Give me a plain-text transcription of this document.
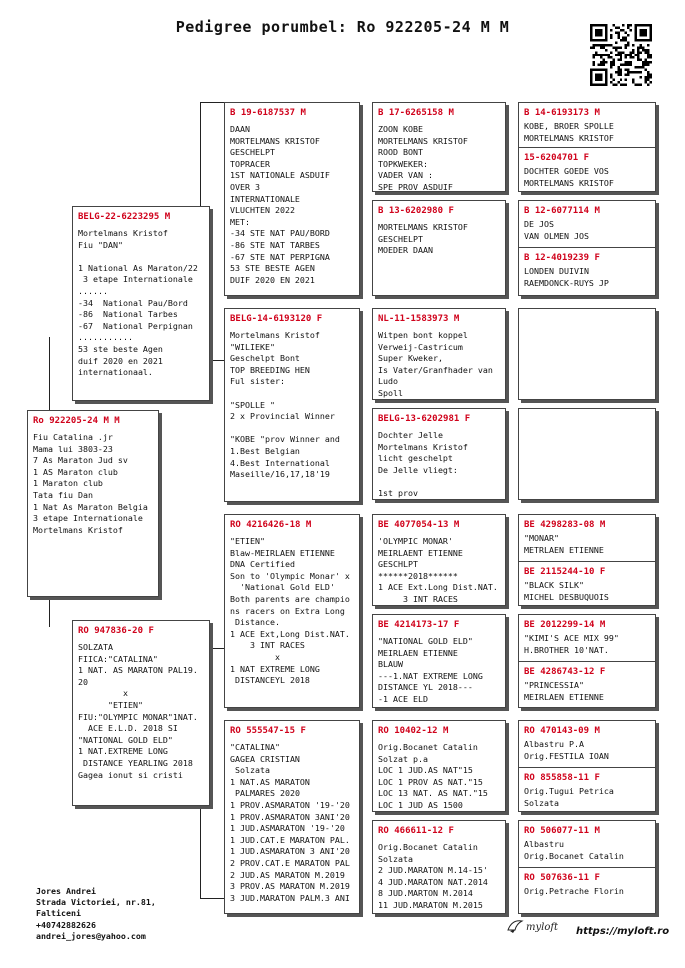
Pedigree porumbel: Ro 922205-24 M M
Ro 922205-24 M M
Fiu Catalina .jr
Mama lui 3803-23
7 As Maraton Jud sv
1 AS Maraton club
1 Maraton club
Tata fiu Dan
1 Nat As Maraton Belgia
3 etape Internationale
Mortelmans Kristof
BELG-22-6223295 M
Mortelmans Kristof
Fiu "DAN"

1 National As Maraton/22
3 etape Internationale
......
-34  National Pau/Bord
-86  National Tarbes
-67  National Perpignan
...........
53 ste beste Agen
duif 2020 en 2021
internationaal.
RO 947836-20 F
SOLZATA
FIICA:"CATALINA"
1 NAT. AS MARATON PAL19.
20
x
"ETIEN"
FIU:"OLYMPIC MONAR"1NAT.
ACE E.L.D. 2018 SI
"NATIONAL GOLD ELD"
1 NAT.EXTREME LONG
DISTANCE YEARLING 2018
Gagea ionut si cristi
B 19-6187537 M
DAAN
MORTELMANS KRISTOF
GESCHELPT
TOPRACER
1ST NATIONALE ASDUIF
OVER 3
INTERNATIONALE
VLUCHTEN 2022
MET:
-34 STE NAT PAU/BORD
-86 STE NAT TARBES
-67 STE NAT PERPIGNA
53 STE BESTE AGEN
DUIF 2020 EN 2021
BELG-14-6193120 F
Mortelmans Kristof
"WILIEKE"
Geschelpt Bont
TOP BREEDING HEN
Ful sister:

"SPOLLE "
2 x Provincial Winner

"KOBE "prov Winner and
1.Best Belgian
4.Best International
Maseille/16,17,18'19
RO 4216426-18 M
"ETIEN"
Blaw-MEIRLAEN ETIENNE
DNA Certified
Son to 'Olympic Monar' x
'National Gold ELD'
Both parents are champio
ns racers on Extra Long
Distance.
1 ACE Ext,Long Dist.NAT.
3 INT RACES
x
1 NAT EXTREME LONG
DISTANCEYL 2018
RO 555547-15 F
"CATALINA"
GAGEA CRISTIAN
Solzata
1 NAT.AS MARATON
PALMARES 2020
1 PROV.ASMARATON '19-'20
1 PROV.ASMARATON 3ANI'20
1 JUD.ASMARATON '19-'20
1 JUD.CAT.E MARATON PAL.
1 JUD.ASMARATON 3 ANI'20
2 PROV.CAT.E MARATON PAL
2 JUD.AS MARATON M.2019
3 PROV.AS MARATON M.2019
3 JUD.MARATON PALM.3 ANI
B 17-6265158 M
ZOON KOBE
MORTELMANS KRISTOF
ROOD BONT
TOPKWEKER:
VADER VAN :
SPE PROV ASDUIF
B 13-6202980 F
MORTELMANS KRISTOF
GESCHELPT
MOEDER DAAN
NL-11-1583973 M
Witpen bont koppel
Verweij-Castricum
Super Kweker,
Is Vater/Granfhader van
Ludo
Spoll
BELG-13-6202981 F
Dochter Jelle
Mortelmans Kristof
licht geschelpt
De Jelle vliegt:

1st prov
BE 4077054-13 M
'OLYMPIC MONAR'
MEIRLAENT ETIENNE
GESCHLPT
******2018******
1 ACE Ext.Long Dist.NAT.
3 INT RACES
BE 4214173-17 F
"NATIONAL GOLD ELD"
MEIRLAEN ETIENNE
BLAUW
---1.NAT EXTREME LONG
DISTANCE YL 2018---
-1 ACE ELD
RO 10402-12 M
Orig.Bocanet Catalin
Solzat p.a
LOC 1 JUD.AS NAT"15
LOC 1 PROV AS NAT."15
LOC 13 NAT. AS NAT."15
LOC 1 JUD AS 1500
RO 466611-12 F
Orig.Bocanet Catalin
Solzata
2 JUD.MARATON M.14-15'
4 JUD.MARATON NAT.2014
8 JUD.MARTON M.2014
11 JUD.MARATON M.2015
B 14-6193173 M
KOBE, BROER SPOLLE
MORTELMANS KRISTOF
15-6204701 F
DOCHTER GOEDE VOS
MORTELMANS KRISTOF
B 12-6077114 M
DE JOS
VAN OLMEN JOS
B 12-4019239 F
LONDEN DUIVIN
RAEMDONCK-RUYS JP
BE 4298283-08 M
"MONAR"
METRLAEN ETIENNE
BE 2115244-10 F
"BLACK SILK"
MICHEL DESBUQUOIS
BE 2012299-14 M
"KIMI'S ACE MIX 99"
H.BROTHER 10'NAT.
BE 4286743-12 F
"PRINCESSIA"
MEIRLAEN ETIENNE
RO 470143-09 M
Albastru P.A
Orig.FESTILA IOAN
RO 855858-11 F
Orig.Tugui Petrica
Solzata
RO 506077-11 M
Albastru
Orig.Bocanet Catalin
RO 507636-11 F
Orig.Petrache Florin
Jores Andrei
Strada Victoriei, nr.81,
Falticeni
+40742882626
andrei_jores@yahoo.com
myloft https://myloft.ro
